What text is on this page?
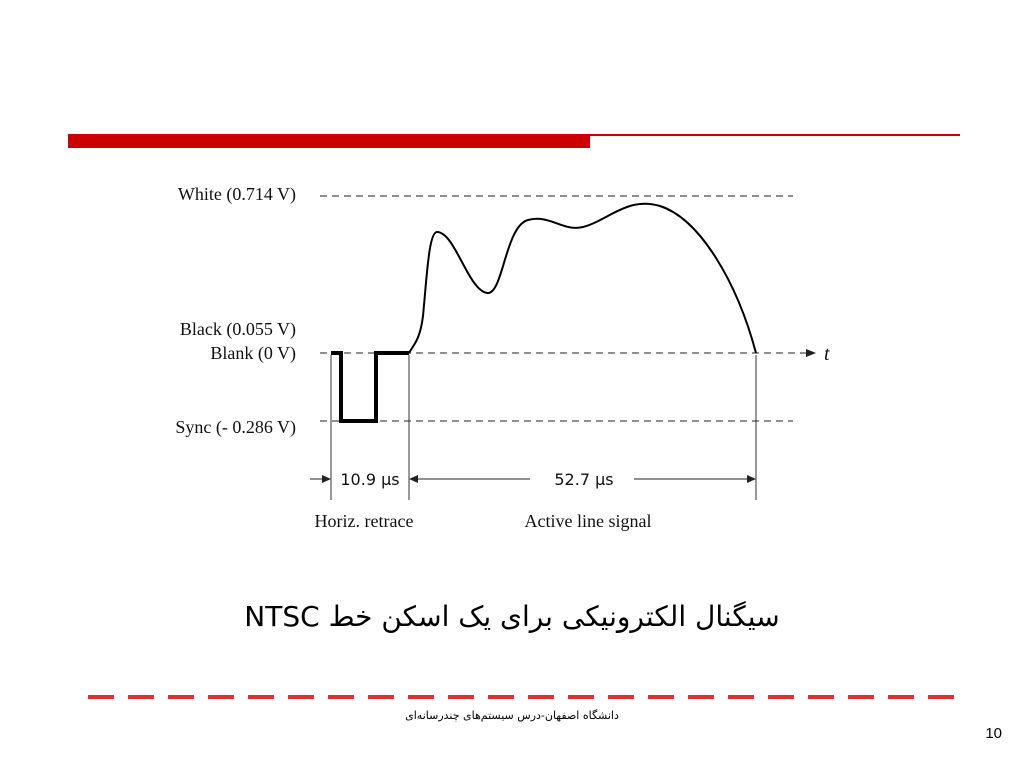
White (0.714 V)
Black (0.055 V)
Blank (0 V)
Sync (- 0.286 V)
t
10.9 µs	52.7 µs
Horiz. retrace	Active line signal
سیگنال الکترونیکی برای یک اسکن خط NTSC
دانشگاه اصفهان-درس سیستم‌های چندرسانه‌ای
10
